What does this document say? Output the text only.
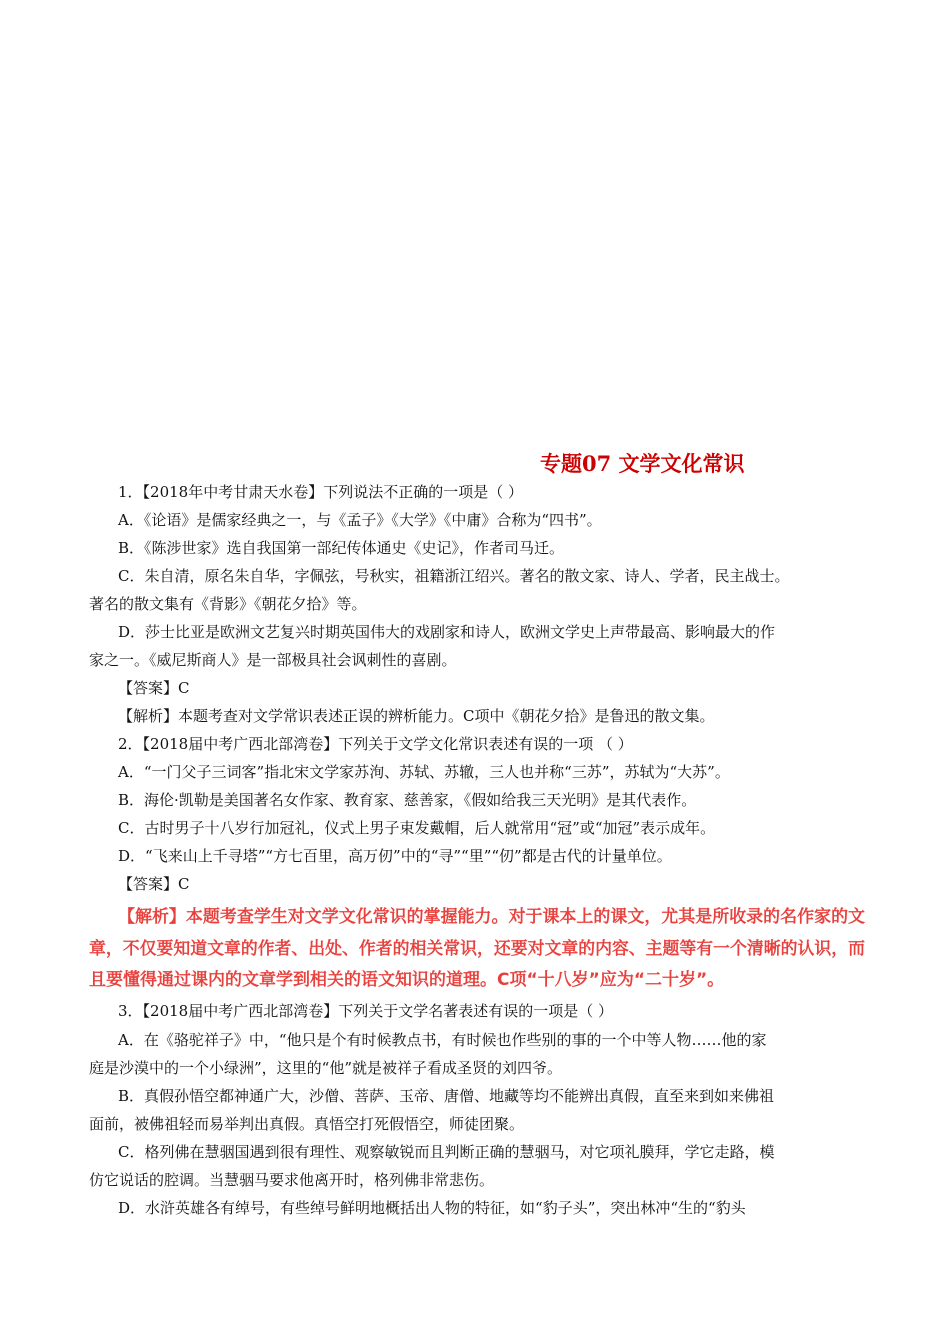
专题07 文学文化常识
1．【2018年中考甘肃天水卷】下列说法不正确的一项是（ ）
A．《论语》是儒家经典之一，与《孟子》《大学》《中庸》合称为“四书”。
B．《陈涉世家》选自我国第一部纪传体通史《史记》，作者司马迁。
C．朱自清，原名朱自华，字佩弦，号秋实，祖籍浙江绍兴。著名的散文家、诗人、学者，民主战士。
著名的散文集有《背影》《朝花夕拾》等。
D．莎士比亚是欧洲文艺复兴时期英国伟大的戏剧家和诗人，欧洲文学史上声带最高、影响最大的作
家之一。《威尼斯商人》是一部极具社会讽刺性的喜剧。
【答案】C
【解析】本题考查对文学常识表述正误的辨析能力。C项中《朝花夕拾》是鲁迅的散文集。
2．【2018届中考广西北部湾卷】下列关于文学文化常识表述有误的一项 （ ）
A．“一门父子三词客”指北宋文学家苏洵、苏轼、苏辙，三人也并称“三苏”，苏轼为“大苏”。
B．海伦·凯勒是美国著名女作家、教育家、慈善家，《假如给我三天光明》是其代表作。
C．古时男子十八岁行加冠礼，仪式上男子束发戴帽，后人就常用“冠”或“加冠”表示成年。
D．“飞来山上千寻塔”“方七百里，高万仞”中的“寻”“里”“仞”都是古代的计量单位。
【答案】C
【解析】本题考查学生对文学文化常识的掌握能力。对于课本上的课文，尤其是所收录的名作家的文
章，不仅要知道文章的作者、出处、作者的相关常识，还要对文章的内容、主题等有一个清晰的认识，而
且要懂得通过课内的文章学到相关的语文知识的道理。C项“十八岁”应为“二十岁”。
3．【2018届中考广西北部湾卷】下列关于文学名著表述有误的一项是（ ）
A．在《骆驼祥子》中，“他只是个有时候教点书，有时候也作些别的事的一个中等人物……他的家
庭是沙漠中的一个小绿洲”，这里的“他”就是被祥子看成圣贤的刘四爷。
B．真假孙悟空都神通广大，沙僧、菩萨、玉帝、唐僧、地藏等均不能辨出真假，直至来到如来佛祖
面前，被佛祖轻而易举判出真假。真悟空打死假悟空，师徒团聚。
C．格列佛在慧骃国遇到很有理性、观察敏锐而且判断正确的慧骃马，对它项礼膜拜，学它走路，模
仿它说话的腔调。当慧骃马要求他离开时，格列佛非常悲伤。
D．水浒英雄各有绰号，有些绰号鲜明地概括出人物的特征，如“豹子头”，突出林冲“生的“豹头
